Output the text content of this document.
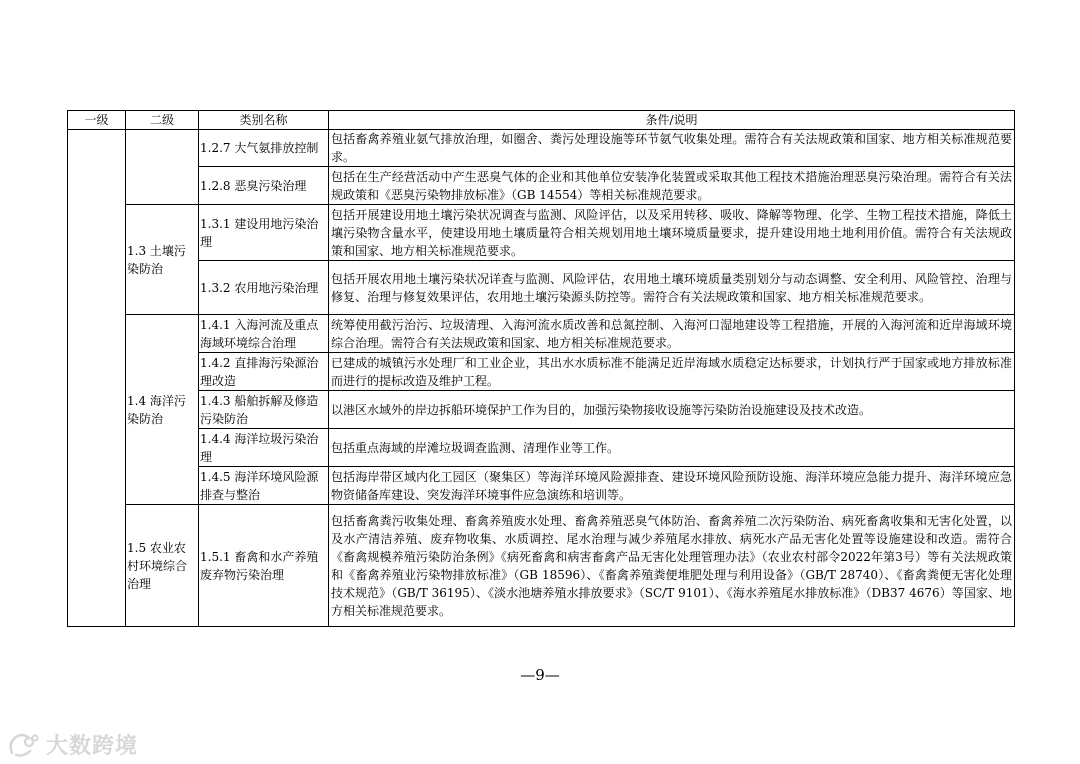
一级	二级	类别名称	条件/说明
		1.2.7 大气氨排放控制	包括畜禽养殖业氨气排放治理，如圈舍、粪污处理设施等环节氨气收集处理。需符合有关法规政策和国家、地方相关标准规范要求。
		1.2.8 恶臭污染治理	包括在生产经营活动中产生恶臭气体的企业和其他单位安装净化装置或采取其他工程技术措施治理恶臭污染治理。需符合有关法规政策和《恶臭污染物排放标准》（GB 14554）等相关标准规范要求。
	1.3 土壤污染防治	1.3.1 建设用地污染治理	包括开展建设用地土壤污染状况调查与监测、风险评估，以及采用转移、吸收、降解等物理、化学、生物工程技术措施，降低土壤污染物含量水平，使建设用地土壤质量符合相关规划用地土壤环境质量要求，提升建设用地土地利用价值。需符合有关法规政策和国家、地方相关标准规范要求。
		1.3.2 农用地污染治理	包括开展农用地土壤污染状况详查与监测、风险评估，农用地土壤环境质量类别划分与动态调整、安全利用、风险管控、治理与修复、治理与修复效果评估，农用地土壤污染源头防控等。需符合有关法规政策和国家、地方相关标准规范要求。
	1.4 海洋污染防治	1.4.1 入海河流及重点海域环境综合治理	统筹使用截污治污、垃圾清理、入海河流水质改善和总氮控制、入海河口湿地建设等工程措施，开展的入海河流和近岸海域环境综合治理。需符合有关法规政策和国家、地方相关标准规范要求。
		1.4.2 直排海污染源治理改造	已建成的城镇污水处理厂和工业企业，其出水水质标准不能满足近岸海域水质稳定达标要求，计划执行严于国家或地方排放标准而进行的提标改造及维护工程。
		1.4.3 船舶拆解及修造污染防治	以港区水域外的岸边拆船环境保护工作为目的，加强污染物接收设施等污染防治设施建设及技术改造。
		1.4.4 海洋垃圾污染治理	包括重点海域的岸滩垃圾调查监测、清理作业等工作。
		1.4.5 海洋环境风险源排查与整治	包括海岸带区域内化工园区（聚集区）等海洋环境风险源排查、建设环境风险预防设施、海洋环境应急能力提升、海洋环境应急物资储备库建设、突发海洋环境事件应急演练和培训等。
	1.5 农业农村环境综合治理	1.5.1 畜禽和水产养殖废弃物污染治理	包括畜禽粪污收集处理、畜禽养殖废水处理、畜禽养殖恶臭气体防治、畜禽养殖二次污染防治、病死畜禽收集和无害化处置，以及水产清洁养殖、废弃物收集、水质调控、尾水治理与减少养殖尾水排放、病死水产品无害化处置等设施建设和改造。需符合《畜禽规模养殖污染防治条例》《病死畜禽和病害畜禽产品无害化处理管理办法》（农业农村部令2022年第3号）等有关法规政策和《畜禽养殖业污染物排放标准》（GB 18596）、《畜禽养殖粪便堆肥处理与利用设备》（GB/T 28740）、《畜禽粪便无害化处理技术规范》（GB/T 36195）、《淡水池塘养殖水排放要求》（SC/T 9101）、《海水养殖尾水排放标准》（DB37 4676）等国家、地方相关标准规范要求。
—9—
大数跨境
